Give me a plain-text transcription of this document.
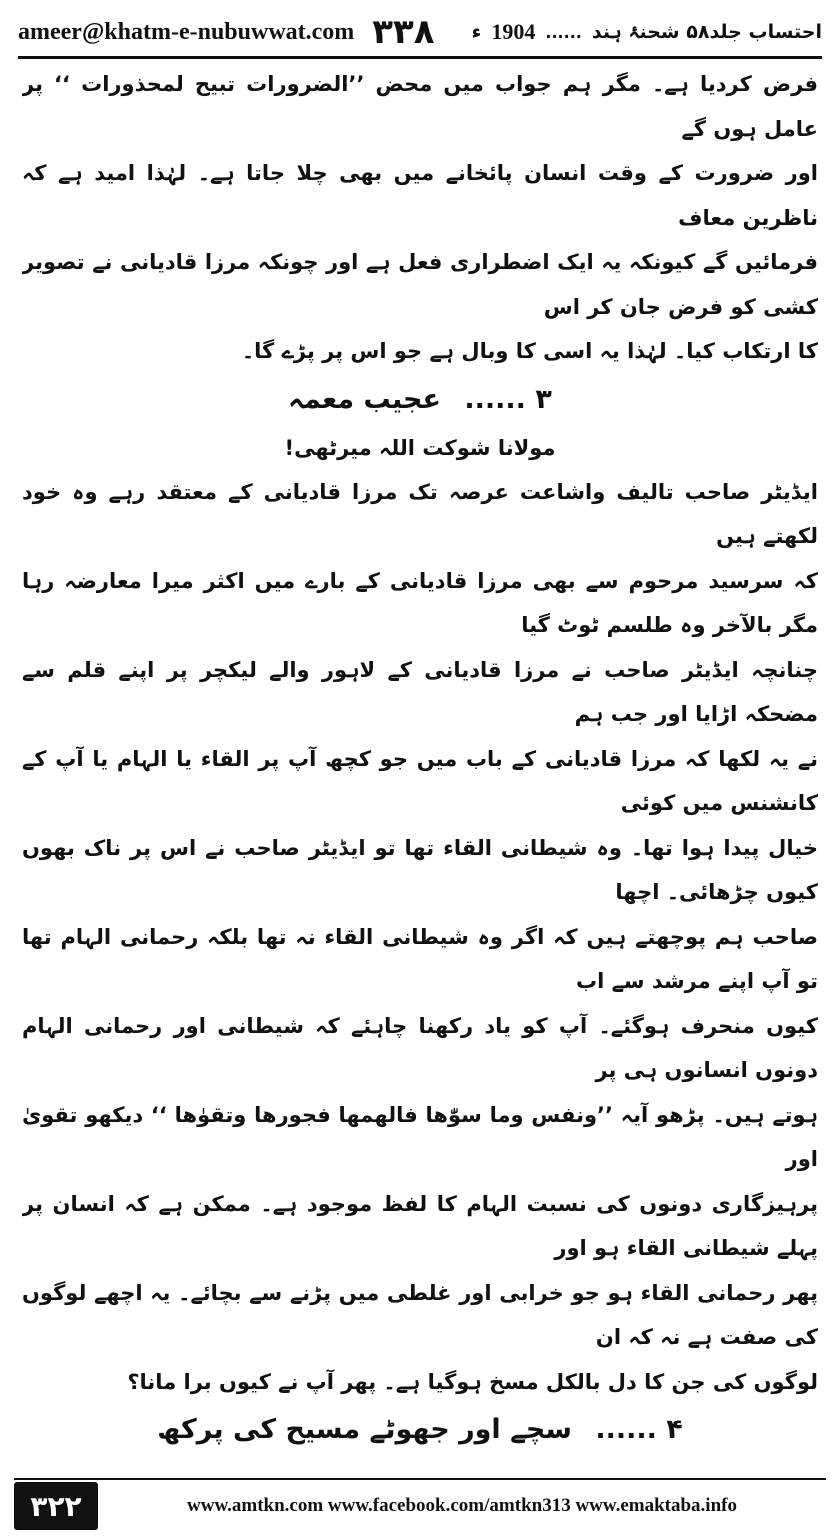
ameer@khatm-e-nubuwwat.com ۳۳۸	احتساب جلد۵۸ شحنۂ ہند
......
1904
ء

فرض کردیا ہے۔ مگر ہم جواب میں محض ’’الضرورات تبیح لمحذورات ‘‘ پر عامل ہوں گے

اور ضرورت کے وقت انسان پائخانے میں بھی چلا جاتا ہے۔ لہٰذا امید ہے کہ ناظرین معاف

فرمائیں گے کیونکہ یہ ایک اضطراری فعل ہے اور چونکہ مرزا قادیانی نے تصویر کشی کو فرض جان کر اس

کا ارتکاب کیا۔ لہٰذا یہ اسی کا وبال ہے جو اس پر پڑے گا۔

۳ ...... عجیب معمہ

مولانا شوکت اللہ میرٹھی!

ایڈیٹر صاحب تالیف واشاعت عرصہ تک مرزا قادیانی کے معتقد رہے وہ خود لکھتے ہیں

کہ سرسید مرحوم سے بھی مرزا قادیانی کے بارے میں اکثر میرا معارضہ رہا مگر بالآخر وہ طلسم ٹوٹ گیا

چنانچہ ایڈیٹر صاحب نے مرزا قادیانی کے لاہور والے لیکچر پر اپنے قلم سے مضحکہ اڑایا اور جب ہم

نے یہ لکھا کہ مرزا قادیانی کے باب میں جو کچھ آپ پر القاء یا الہام یا آپ کے کانشنس میں کوئی

خیال پیدا ہوا تھا۔ وہ شیطانی القاء تھا تو ایڈیٹر صاحب نے اس پر ناک بھوں کیوں چڑھائی۔ اچھا

صاحب ہم پوچھتے ہیں کہ اگر وہ شیطانی القاء نہ تھا بلکہ رحمانی الہام تھا تو آپ اپنے مرشد سے اب

کیوں منحرف ہوگئے۔ آپ کو یاد رکھنا چاہئے کہ شیطانی اور رحمانی الہام دونوں انسانوں ہی پر

ہوتے ہیں۔ پڑھو آیہ ’’ونفس وما سوّٰھا فالھمھا فجورھا وتقوٰھا ‘‘ دیکھو تقویٰ اور

پرہیزگاری دونوں کی نسبت الہام کا لفظ موجود ہے۔ ممکن ہے کہ انسان پر پہلے شیطانی القاء ہو اور

پھر رحمانی القاء ہو جو خرابی اور غلطی میں پڑنے سے بچائے۔ یہ اچھے لوگوں کی صفت ہے نہ کہ ان

لوگوں کی جن کا دل بالکل مسخ ہوگیا ہے۔ پھر آپ نے کیوں برا مانا؟

۴ ...... سچے اور جھوٹے مسیح کی پرکھ

۳۲۲	www.amtkn.com www.facebook.com/amtkn313 www.emaktaba.info
